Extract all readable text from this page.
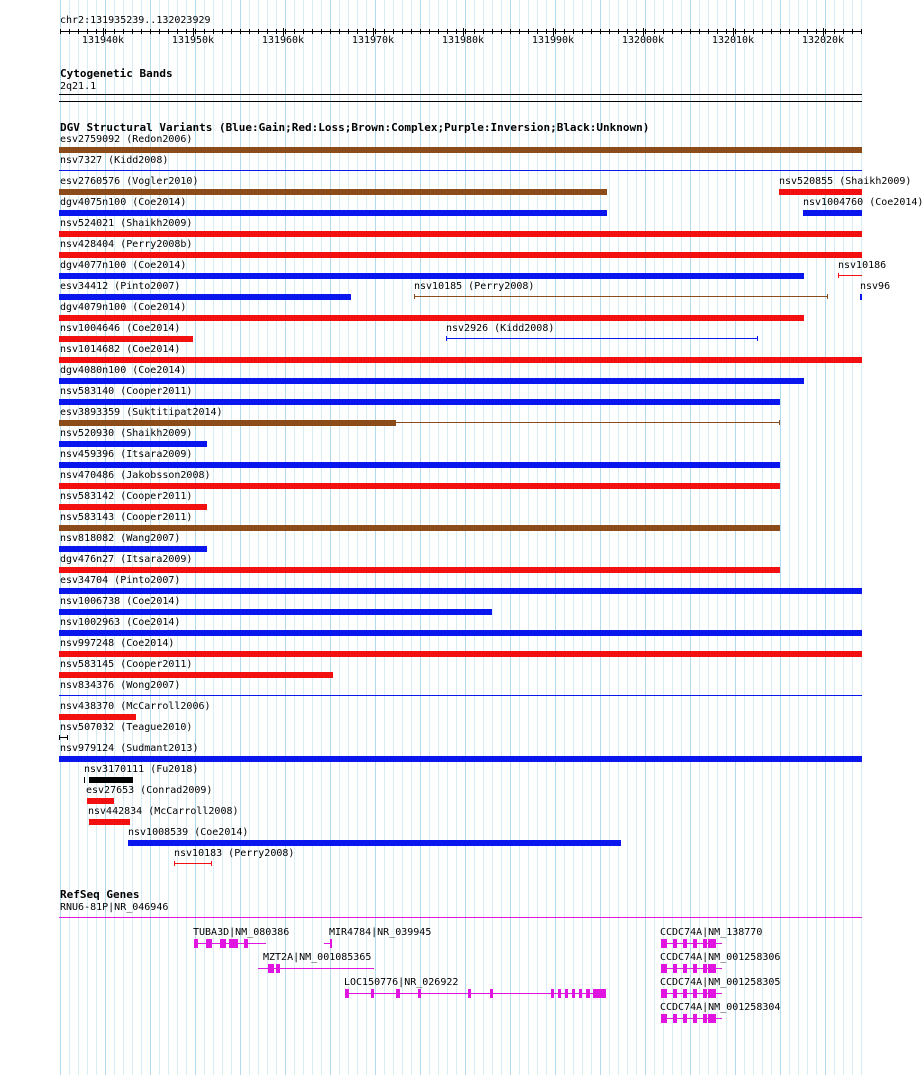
chr2:131935239..132023929
131940k	131950k	131960k	131970k	131980k	131990k	132000k	132010k	132020k
Cytogenetic Bands
2q21.1
DGV Structural Variants (Blue:Gain;Red:Loss;Brown:Complex;Purple:Inversion;Black:Unknown)
esv2759092 (Redon2006)
nsv7327 (Kidd2008)
esv2760576 (Vogler2010)	nsv520855 (Shaikh2009)
dgv4075n100 (Coe2014)	nsv1004760 (Coe2014)
nsv524021 (Shaikh2009)
nsv428404 (Perry2008b)
dgv4077n100 (Coe2014)	nsv10186
esv34412 (Pinto2007)	nsv10185 (Perry2008)	nsv96
dgv4079n100 (Coe2014)
nsv1004646 (Coe2014)	nsv2926 (Kidd2008)
nsv1014682 (Coe2014)
dgv4080n100 (Coe2014)
nsv583140 (Cooper2011)
esv3893359 (Suktitipat2014)
nsv520930 (Shaikh2009)
nsv459396 (Itsara2009)
nsv470486 (Jakobsson2008)
nsv583142 (Cooper2011)
nsv583143 (Cooper2011)
nsv818082 (Wang2007)
dgv476n27 (Itsara2009)
esv34704 (Pinto2007)
nsv1006738 (Coe2014)
nsv1002963 (Coe2014)
nsv997248 (Coe2014)
nsv583145 (Cooper2011)
nsv834376 (Wong2007)
nsv438370 (McCarroll2006)
nsv507032 (Teague2010)
nsv979124 (Sudmant2013)
nsv3170111 (Fu2018)
esv27653 (Conrad2009)
nsv442834 (McCarroll2008)
nsv1008539 (Coe2014)
nsv10183 (Perry2008)
RefSeq Genes
RNU6-81P|NR_046946
TUBA3D|NM_080386	MIR4784|NR_039945
MZT2A|NM_001085365
LOC150776|NR_026922
CCDC74A|NM_138770
CCDC74A|NM_001258306
CCDC74A|NM_001258305
CCDC74A|NM_001258304
